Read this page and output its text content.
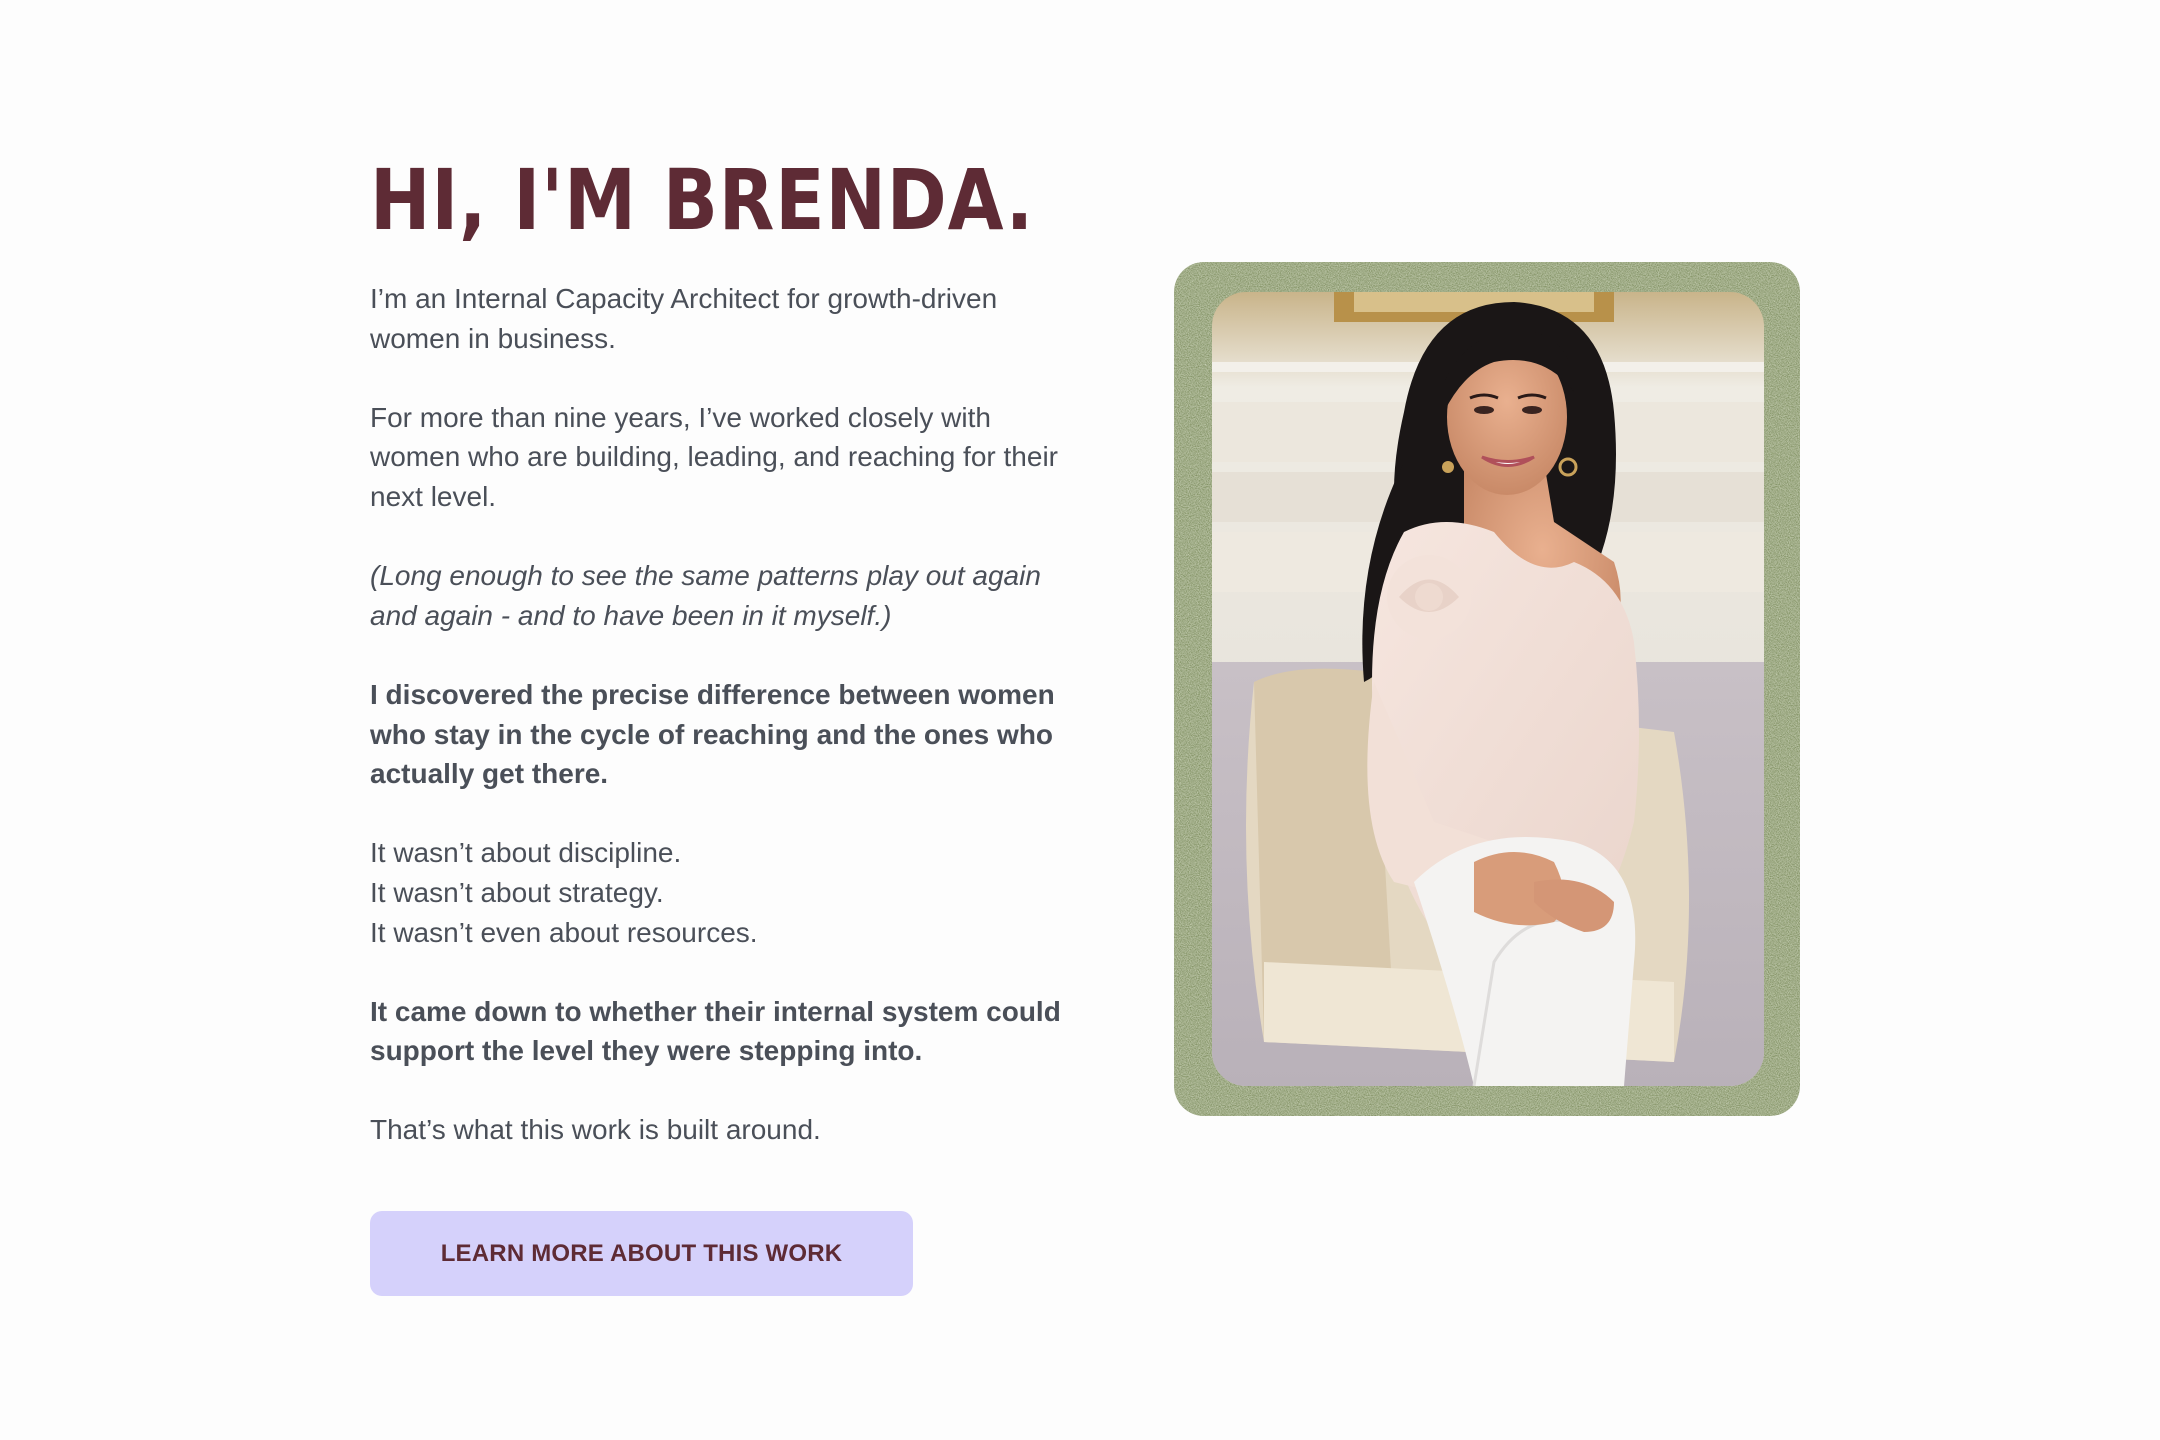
HI, I'M BRENDA.

I’m an Internal Capacity Architect for growth-driven women in business.

For more than nine years, I’ve worked closely with women who are building, leading, and reaching for their next level.

(Long enough to see the same patterns play out again and again - and to have been in it myself.)

I discovered the precise difference between women who stay in the cycle of reaching and the ones who actually get there.

It wasn’t about discipline.
It wasn’t about strategy.
It wasn’t even about resources.

It came down to whether their internal system could support the level they were stepping into.

That’s what this work is built around.

LEARN MORE ABOUT THIS WORK
